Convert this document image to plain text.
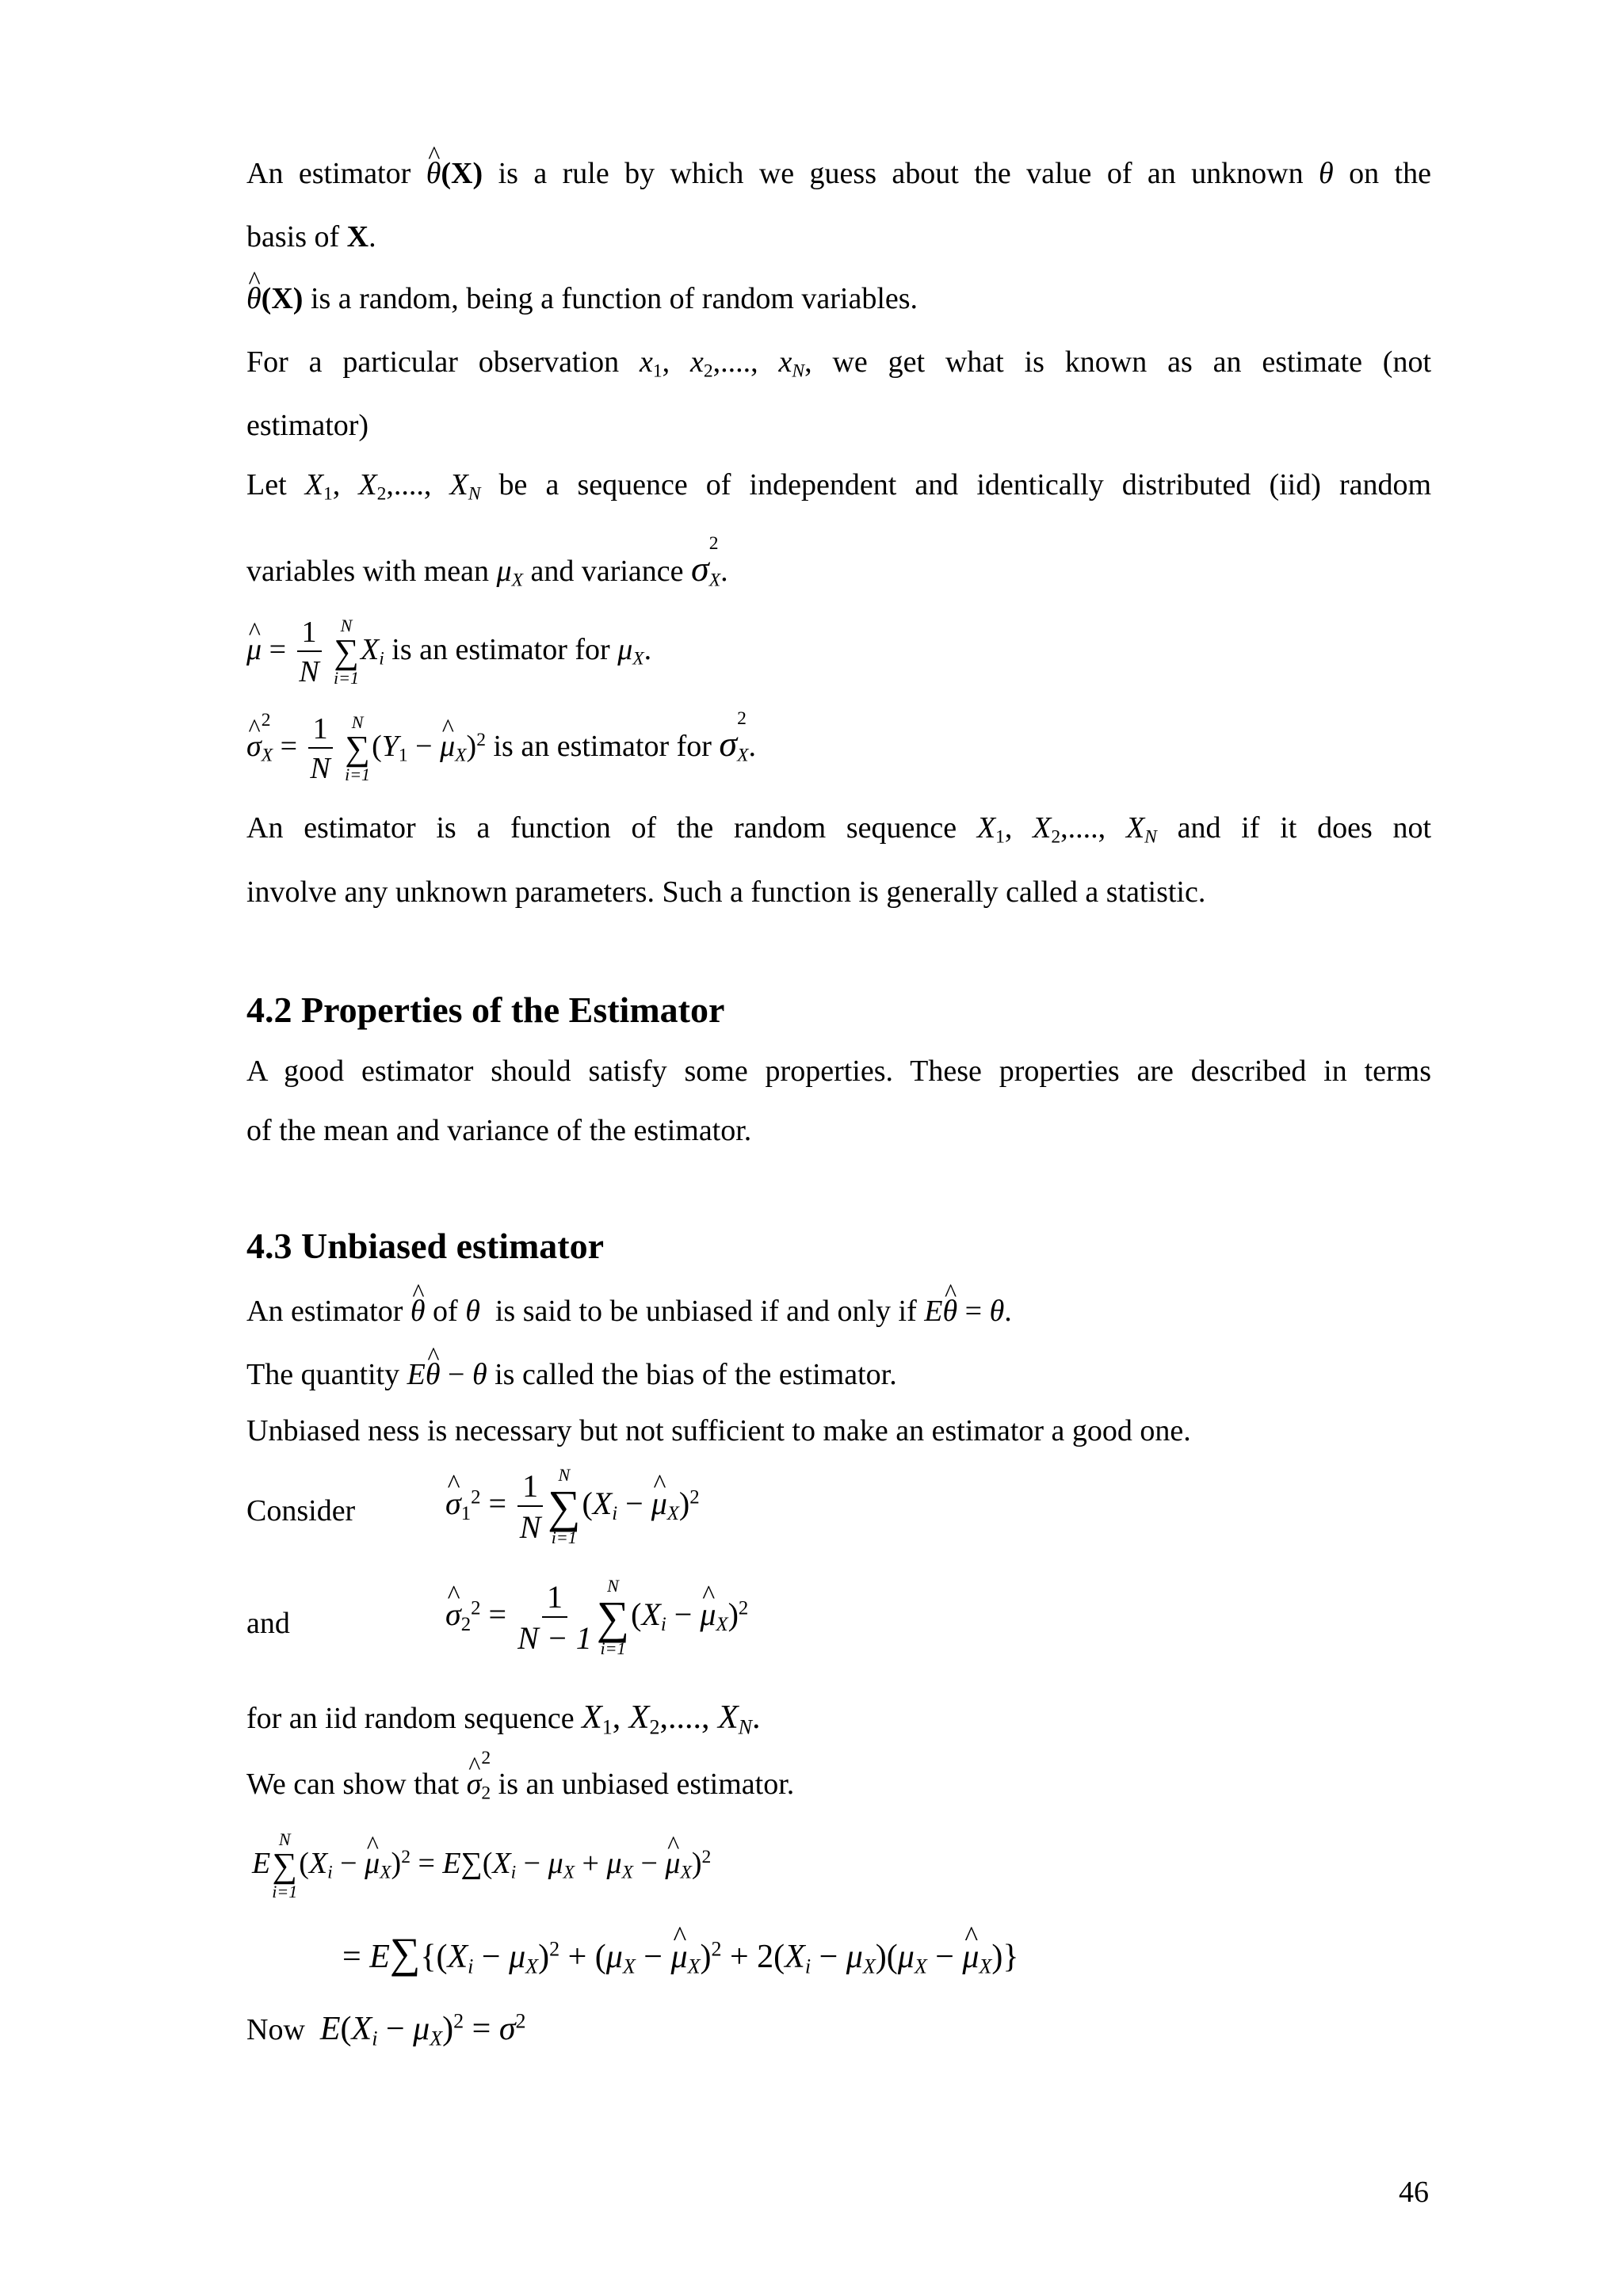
An estimator ^ θ(X) is a rule by which we guess about the value of an unknown θ on the
basis of X.
^ θ(X) is a random, being a function of random variables.
For a particular observation $x_1$, $x_2$,...., $x_N$, we get what is known as an estimate (not
estimator)
Let $X_1$, $X_2$,...., $X_N$ be a sequence of independent and identically distributed (iid) random
variables with mean $\mu_X$ and variance σ
2
$_X$.
^ $\mu = \frac{1}{N}$
N
∑
i=1
$X_i$ is an estimator for $\mu_X$.
^ σ
2
$_X = \frac{1}{N}$
N
∑
i=1
($Y_1$ − ^ $\mu_X)^2$ is an estimator for σ
2
$_X$.
An estimator is a function of the random sequence $X_1$, $X_2$,...., $X_N$ and if it does not
involve any unknown parameters. Such a function is generally called a statistic.
4.2 Properties of the Estimator
A good estimator should satisfy some properties. These properties are described in terms
of the mean and variance of the estimator.
4.3 Unbiased estimator
An estimator ^ θ of θ is said to be unbiased if and only if E^ θ = θ.
The quantity E^ θ − θ is called the bias of the estimator.
Unbiased ness is necessary but not sufficient to make an estimator a good one.
Consider	^ $\sigma_1^2 = \frac{1}{N}$ N
∑
i=1
($X_i$ − ^ $\mu_X)^2$
and	^ $\sigma_2^2 = \frac{1}{N - 1}$ N
∑
i=1
($X_i$ − ^ $\mu_X)^2$
for an iid random sequence $X_1$, $X_2$,...., $X_N$.
We can show that ^ σ
2
$_2$ is an unbiased estimator.
E
N
∑
i=1
($X_i$ − ^ $\mu_X)^2 = E\sum(X_i - \mu_X + \mu_X$ − ^ $\mu_X)^2$
= $E\sum\{(X_i - \mu_X)^2 + (\mu_X$ − ^ $\mu_X)^2 + 2(X_i - \mu_X)(\mu_X$ − ^ $\mu_X$)}
Now $E(X_i - \mu_X)^2 = \sigma^2$
46
